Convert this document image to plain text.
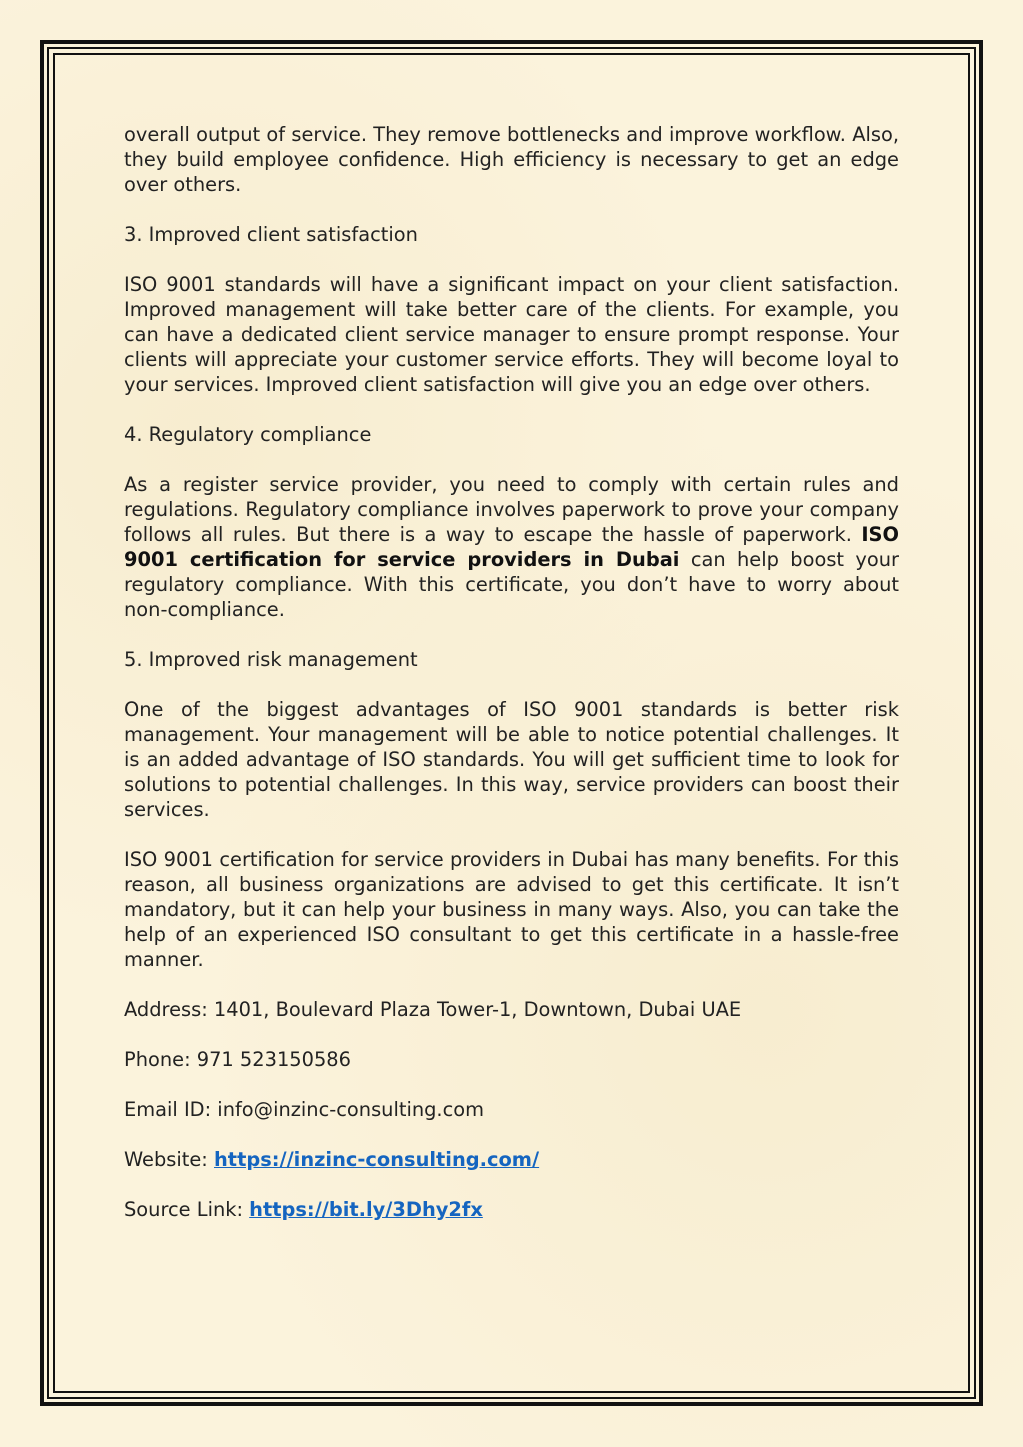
overall output of service. They remove bottlenecks and improve workflow. Also, they build employee confidence. High efficiency is necessary to get an edge over others.

3. Improved client satisfaction

ISO 9001 standards will have a significant impact on your client satisfaction. Improved management will take better care of the clients. For example, you can have a dedicated client service manager to ensure prompt response. Your clients will appreciate your customer service efforts. They will become loyal to your services. Improved client satisfaction will give you an edge over others.

4. Regulatory compliance

As a register service provider, you need to comply with certain rules and regulations. Regulatory compliance involves paperwork to prove your company follows all rules. But there is a way to escape the hassle of paperwork. ISO 9001 certification for service providers in Dubai can help boost your regulatory compliance. With this certificate, you don’t have to worry about non-compliance.

5. Improved risk management

One of the biggest advantages of ISO 9001 standards is better risk management. Your management will be able to notice potential challenges. It is an added advantage of ISO standards. You will get sufficient time to look for solutions to potential challenges. In this way, service providers can boost their services.

ISO 9001 certification for service providers in Dubai has many benefits. For this reason, all business organizations are advised to get this certificate. It isn’t mandatory, but it can help your business in many ways. Also, you can take the help of an experienced ISO consultant to get this certificate in a hassle-free manner.

Address: 1401, Boulevard Plaza Tower-1, Downtown, Dubai UAE

Phone: 971 523150586

Email ID: info@inzinc-consulting.com

Website: https://inzinc-consulting.com/

Source Link: https://bit.ly/3Dhy2fx
